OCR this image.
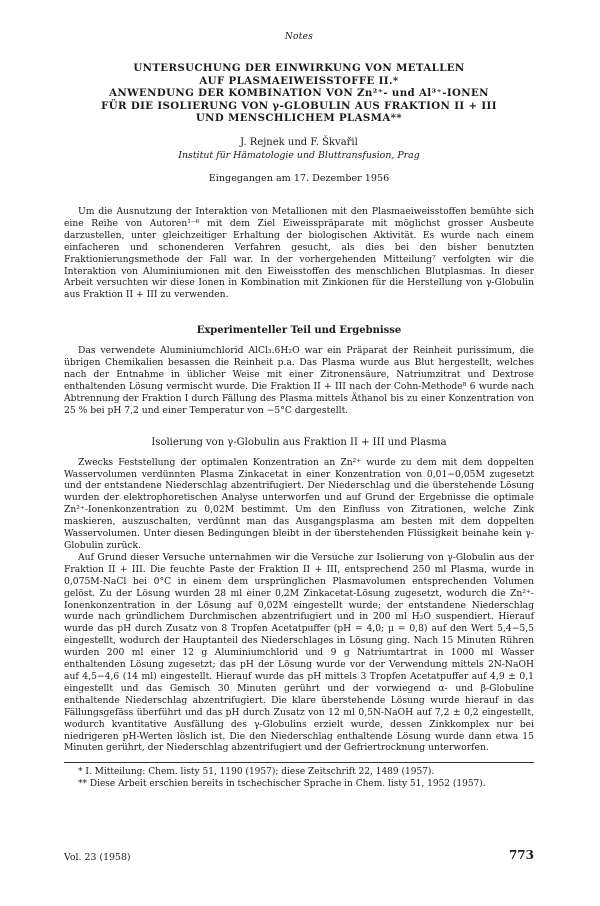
Notes

UNTERSUCHUNG DER EINWIRKUNG VON METALLEN

AUF PLASMAEIWEISSTOFFE II.*

ANWENDUNG DER KOMBINATION VON Zn²⁺- und Al³⁺-IONEN

FÜR DIE ISOLIERUNG VON γ-GLOBULIN AUS FRAKTION II + III

UND MENSCHLICHEM PLASMA**

J. Rejnek und F. Škvařil
Institut für Hämatologie und Bluttransfusion, Prag
Eingegangen am 17. Dezember 1956

Um die Ausnutzung der Interaktion von Metallionen mit den Plasmaeiweisstoffen bemühte sich eine Reihe von Autoren¹⁻⁶ mit dem Ziel Eiweisspräparate mit möglichst grosser Ausbeute darzustellen, unter gleichzeitiger Erhaltung der biologischen Aktivität. Es wurde nach einem einfacheren und schonenderen Verfahren gesucht, als dies bei den bisher benutzten Fraktionierungsmethode der Fall war. In der vorhergehenden Mitteilung⁷ verfolgten wir die Interaktion von Aluminiumionen mit den Eiweisstoffen des menschlichen Blutplasmas. In dieser Arbeit versuchten wir diese Ionen in Kombination mit Zinkionen für die Herstellung von γ-Globulin aus Fraktion II + III zu verwenden.

Experimenteller Teil und Ergebnisse

Das verwendete Aluminiumchlorid AlCl₃.6H₂O war ein Präparat der Reinheit purissimum, die übrigen Chemikalien besassen die Reinheit p.a. Das Plasma wurde aus Blut hergestellt, welches nach der Entnahme in üblicher Weise mit einer Zitronensäure, Natriumzitrat und Dextrose enthaltenden Lösung vermischt wurde. Die Fraktion II + III nach der Cohn-Methode⁸ 6 wurde nach Abtrennung der Fraktion I durch Fällung des Plasma mittels Äthanol bis zu einer Konzentration von 25 % bei pH 7,2 und einer Temperatur von −5°C dargestellt.

Isolierung von γ-Globulin aus Fraktion II + III und Plasma

Zwecks Feststellung der optimalen Konzentration an Zn²⁺ wurde zu dem mit dem doppelten Wasservolumen verdünnten Plasma Zinkacetat in einer Konzentration von 0,01−0,05M zugesetzt und der entstandene Niederschlag abzentrifugiert. Der Niederschlag und die überstehende Lösung wurden der elektrophoretischen Analyse unterworfen und auf Grund der Ergebnisse die optimale Zn²⁺-Ionenkonzentration zu 0,02M bestimmt. Um den Einfluss von Zitrationen, welche Zink maskieren, auszuschalten, verdünnt man das Ausgangsplasma am besten mit dem doppelten Wasservolumen. Unter diesen Bedingungen bleibt in der überstehenden Flüssigkeit beinahe kein γ-Globulin zurück.

Auf Grund dieser Versuche unternahmen wir die Versuche zur Isolierung von γ-Globulin aus der Fraktion II + III. Die feuchte Paste der Fraktion II + III, entsprechend 250 ml Plasma, wurde in 0,075M-NaCl bei 0°C in einem dem ursprünglichen Plasmavolumen entsprechenden Volumen gelöst. Zu der Lösung wurden 28 ml einer 0,2M Zinkacetat-Lösung zugesetzt, wodurch die Zn²⁺-Ionenkonzentration in der Lösung auf 0,02M eingestellt wurde; der entstandene Niederschlag wurde nach gründlichem Durchmischen abzentrifugiert und in 200 ml H₂O suspendiert. Hierauf wurde das pH durch Zusatz von 8 Tropfen Acetatpuffer (pH = 4,0; μ = 0,8) auf den Wert 5,4−5,5 eingestellt, wodurch der Hauptanteil des Niederschlages in Lösung ging. Nach 15 Minuten Rühren wurden 200 ml einer 12 g Aluminiumchlorid und 9 g Natriumtartrat in 1000 ml Wasser enthaltenden Lösung zugesetzt; das pH der Lösung wurde vor der Verwendung mittels 2N-NaOH auf 4,5−4,6 (14 ml) eingestellt. Hierauf wurde das pH mittels 3 Tropfen Acetatpuffer auf 4,9 ± 0,1 eingestellt und das Gemisch 30 Minuten gerührt und der vorwiegend α- und β-Globuline enthaltende Niederschlag abzentrifugiert. Die klare überstehende Lösung wurde hierauf in das Fällungsgefäss überführt und das pH durch Zusatz von 12 ml 0,5N-NaOH auf 7,2 ± 0,2 eingestellt, wodurch kvantitative Ausfällung des γ-Globulins erzielt wurde, dessen Zinkkomplex nur bei niedrigeren pH-Werten löslich ist. Die den Niederschlag enthaltende Lösung wurde dann etwa 15 Minuten gerührt, der Niederschlag abzentrifugiert und der Gefriertrocknung unterworfen.

* I. Mitteilung: Chem. listy 51, 1190 (1957); diese Zeitschrift 22, 1489 (1957).

** Diese Arbeit erschien bereits in tschechischer Sprache in Chem. listy 51, 1952 (1957).

Vol. 23 (1958)	773
